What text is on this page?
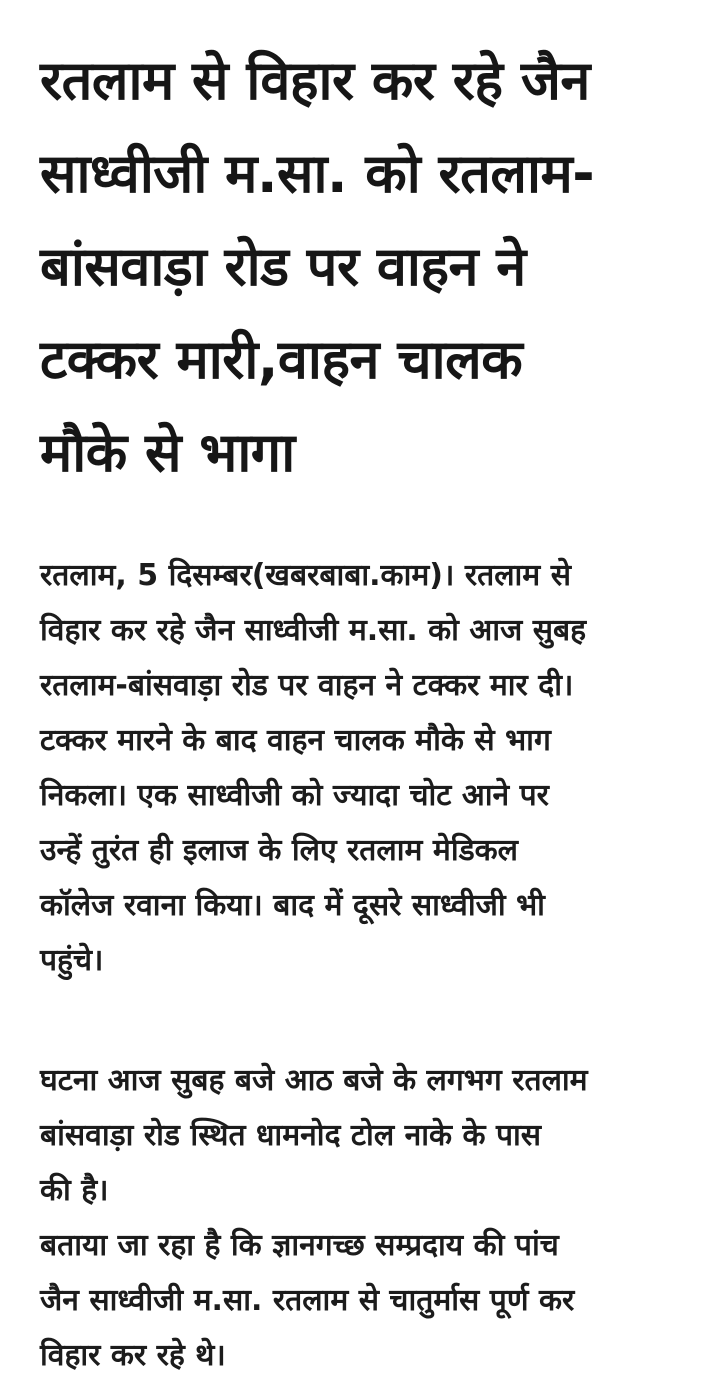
रतलाम से विहार कर रहे जैन
साध्वीजी म.सा. को रतलाम-
बांसवाड़ा रोड पर वाहन ने
टक्कर मारी,वाहन चालक
मौके से भागा

रतलाम, 5 दिसम्बर(खबरबाबा.काम)। रतलाम से
विहार कर रहे जैन साध्वीजी म.सा. को आज सुबह
रतलाम-बांसवाड़ा रोड पर वाहन ने टक्कर मार दी।
टक्कर मारने के बाद वाहन चालक मौके से भाग
निकला। एक साध्वीजी को ज्यादा चोट आने पर
उन्हें तुरंत ही इलाज के लिए रतलाम मेडिकल
कॉलेज रवाना किया। बाद में दूसरे साध्वीजी भी
पहुंचे।

घटना आज सुबह बजे आठ बजे के लगभग रतलाम
बांसवाड़ा रोड स्थित धामनोद टोल नाके के पास
की है।

बताया जा रहा है कि ज्ञानगच्छ सम्प्रदाय की पांच
जैन साध्वीजी म.सा. रतलाम से चातुर्मास पूर्ण कर
विहार कर रहे थे।
